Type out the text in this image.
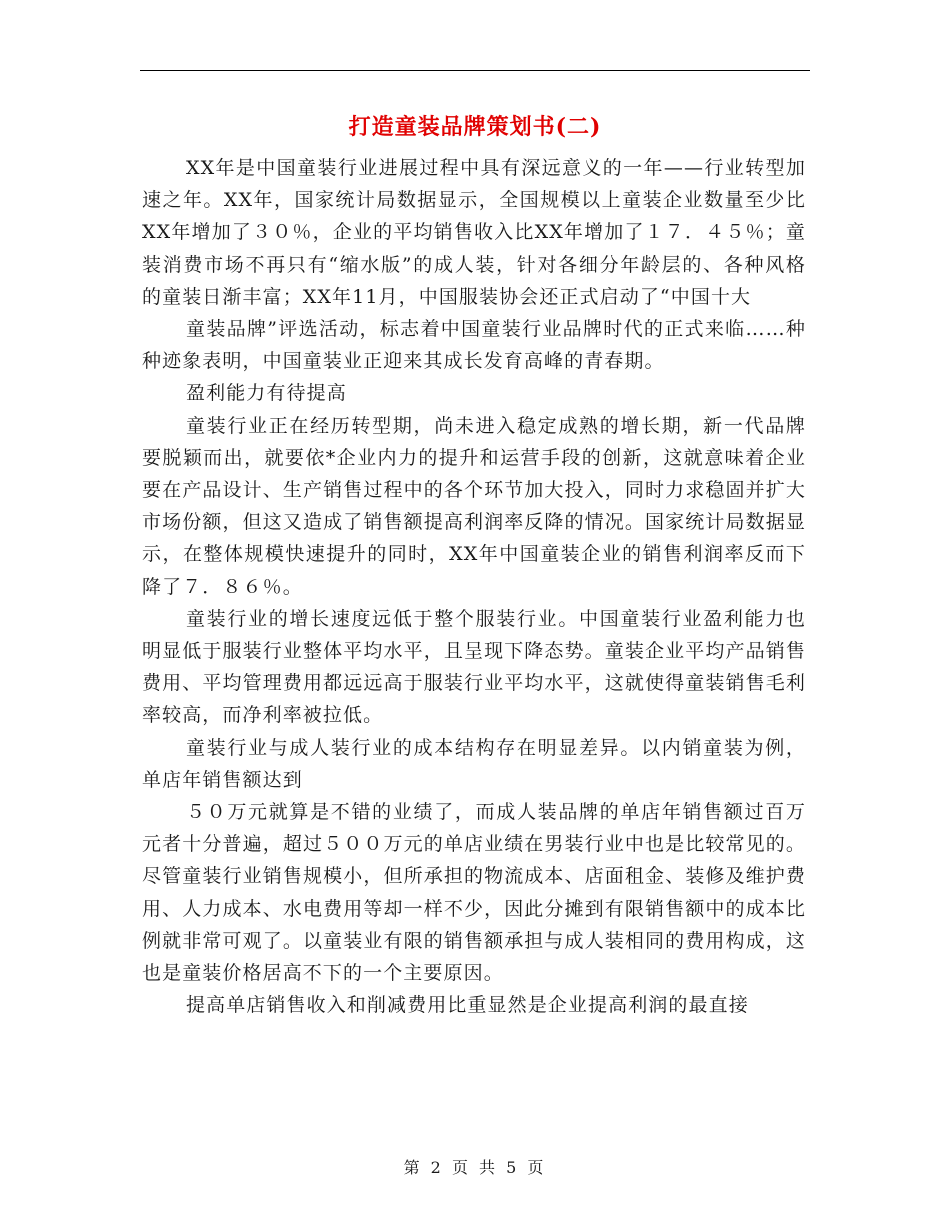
打造童装品牌策划书(二)

XX年是中国童装行业进展过程中具有深远意义的一年——行业转型加速之年。XX年，国家统计局数据显示，全国规模以上童装企业数量至少比XX年增加了３０％，企业的平均销售收入比XX年增加了１７．４５％；童装消费市场不再只有“缩水版”的成人装，针对各细分年龄层的、各种风格的童装日渐丰富；XX年11月，中国服装协会还正式启动了“中国十大

童装品牌”评选活动，标志着中国童装行业品牌时代的正式来临……种种迹象表明，中国童装业正迎来其成长发育高峰的青春期。

盈利能力有待提高

童装行业正在经历转型期，尚未进入稳定成熟的增长期，新一代品牌要脱颖而出，就要依*企业内力的提升和运营手段的创新，这就意味着企业要在产品设计、生产销售过程中的各个环节加大投入，同时力求稳固并扩大市场份额，但这又造成了销售额提高利润率反降的情况。国家统计局数据显示，在整体规模快速提升的同时，XX年中国童装企业的销售利润率反而下降了７．８６％。

童装行业的增长速度远低于整个服装行业。中国童装行业盈利能力也明显低于服装行业整体平均水平，且呈现下降态势。童装企业平均产品销售费用、平均管理费用都远远高于服装行业平均水平，这就使得童装销售毛利率较高，而净利率被拉低。

童装行业与成人装行业的成本结构存在明显差异。以内销童装为例，单店年销售额达到

５０万元就算是不错的业绩了，而成人装品牌的单店年销售额过百万元者十分普遍，超过５００万元的单店业绩在男装行业中也是比较常见的。尽管童装行业销售规模小，但所承担的物流成本、店面租金、装修及维护费用、人力成本、水电费用等却一样不少，因此分摊到有限销售额中的成本比例就非常可观了。以童装业有限的销售额承担与成人装相同的费用构成，这也是童装价格居高不下的一个主要原因。

提高单店销售收入和削减费用比重显然是企业提高利润的最直接

第 2 页 共 5 页
